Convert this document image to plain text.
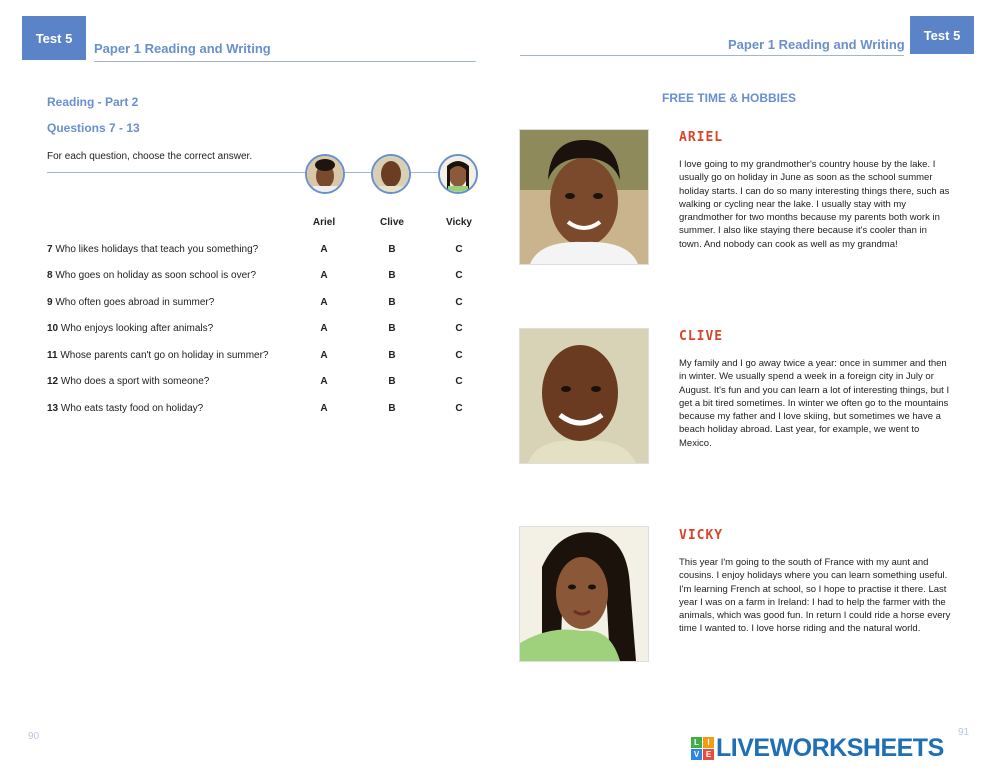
Test 5
Paper 1 Reading and Writing
Reading - Part 2
Questions 7 - 13
For each question, choose the correct answer.
Ariel	Clive	Vicky
7 Who likes holidays that teach you something?	A	B	C
8 Who goes on holiday as soon school is over?	A	B	C
9 Who often goes abroad in summer?	A	B	C
10 Who enjoys looking after animals?	A	B	C
11 Whose parents can't go on holiday in summer?	A	B	C
12 Who does a sport with someone?	A	B	C
13 Who eats tasty food on holiday?	A	B	C
90
Paper 1 Reading and Writing
Test 5
FREE TIME & HOBBIES
ARIEL
I love going to my grandmother's country house by the lake. I usually go on holiday in June as soon as the school summer holiday starts. I can do so many interesting things there, such as walking or cycling near the lake. I usually stay with my grandmother for two months because my parents both work in summer. I also like staying there because it's cooler than in town. And nobody can cook as well as my grandma!
CLIVE
My family and I go away twice a year: once in summer and then in winter. We usually spend a week in a foreign city in July or August. It's fun and you can learn a lot of interesting things, but I get a bit tired sometimes. In winter we often go to the mountains because my father and I love skiing, but sometimes we have a beach holiday abroad. Last year, for example, we went to Mexico.
VICKY
This year I'm going to the south of France with my aunt and cousins. I enjoy holidays where you can learn something useful. I'm learning French at school, so I hope to practise it there. Last year I was on a farm in Ireland: I had to help the farmer with the animals, which was good fun. In return I could ride a horse every time I wanted to. I love horse riding and the natural world.
91
L	I
V E LIVEWORKSHEETS
